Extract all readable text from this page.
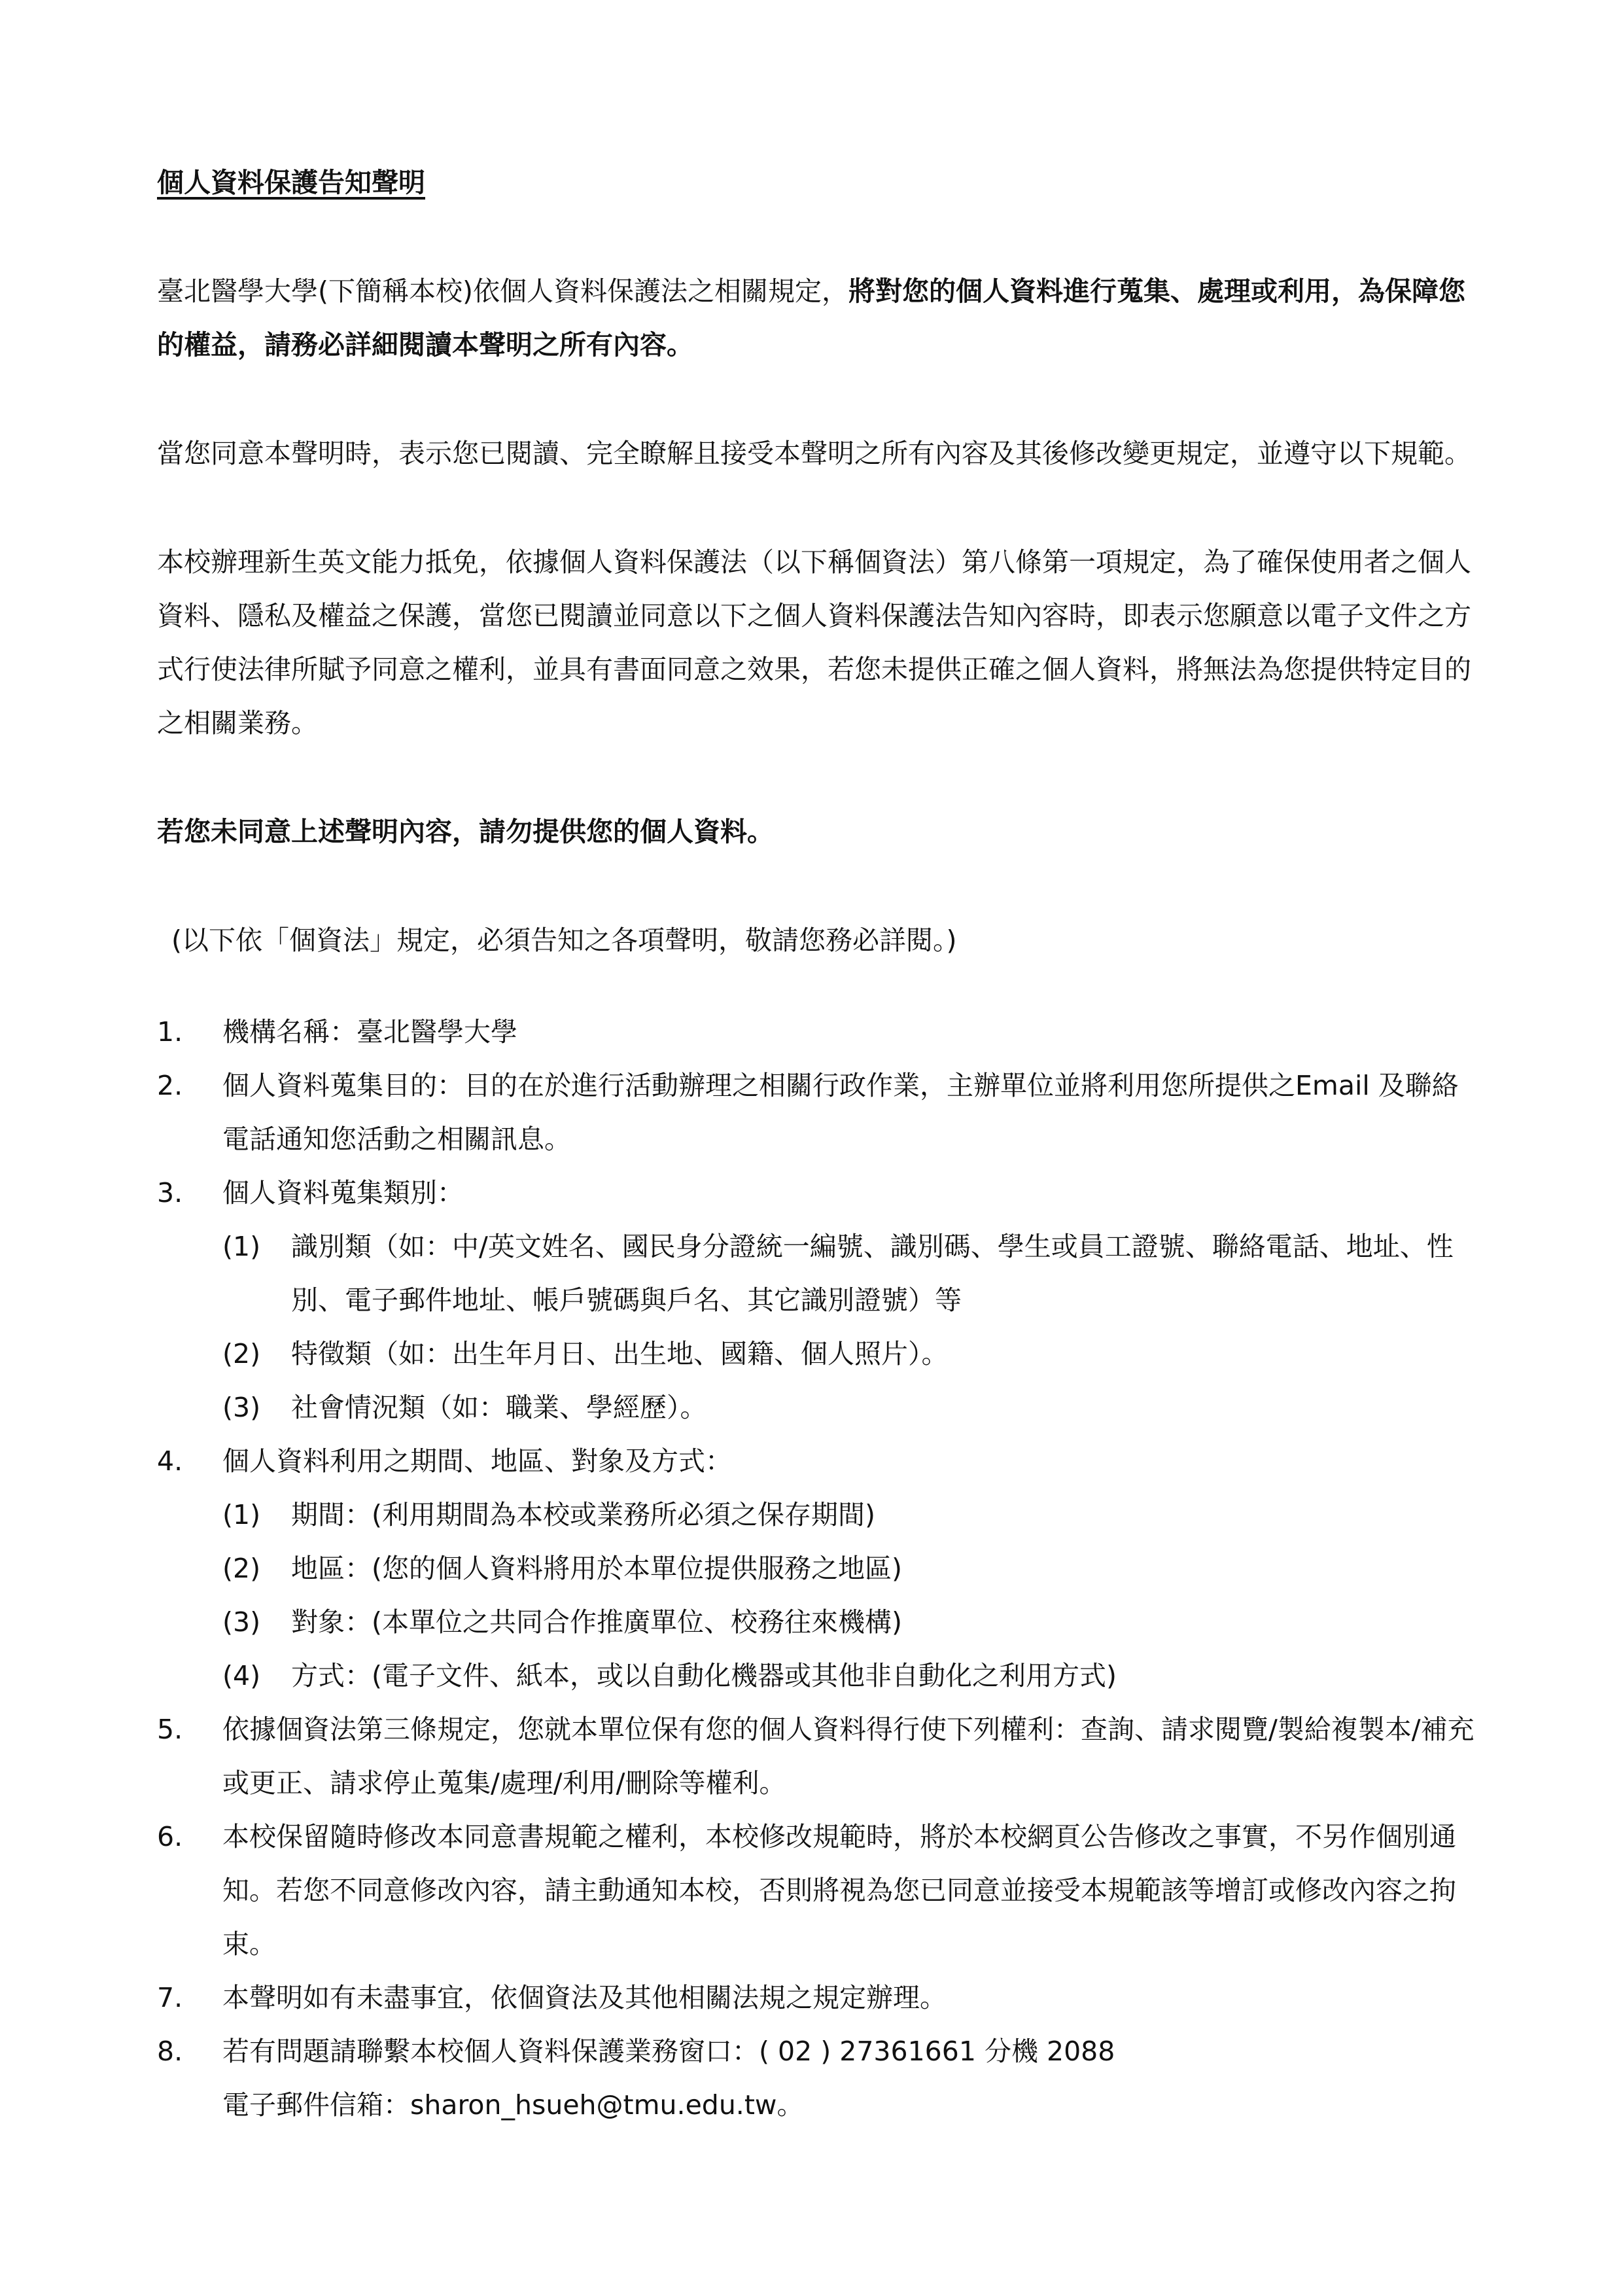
個人資料保護告知聲明

臺北醫學大學(下簡稱本校)依個人資料保護法之相關規定，將對您的個人資料進行蒐集、處理或利用，為保障您的權益，請務必詳細閱讀本聲明之所有內容。

當您同意本聲明時，表示您已閱讀、完全瞭解且接受本聲明之所有內容及其後修改變更規定，並遵守以下規範。

本校辦理新生英文能力抵免，依據個人資料保護法（以下稱個資法）第八條第一項規定，為了確保使用者之個人資料、隱私及權益之保護，當您已閱讀並同意以下之個人資料保護法告知內容時，即表示您願意以電子文件之方式行使法律所賦予同意之權利，並具有書面同意之效果，若您未提供正確之個人資料，將無法為您提供特定目的之相關業務。

若您未同意上述聲明內容，請勿提供您的個人資料。

(以下依「個資法」規定，必須告知之各項聲明，敬請您務必詳閱。)

1. 機構名稱：臺北醫學大學
2. 個人資料蒐集目的：目的在於進行活動辦理之相關行政作業，主辦單位並將利用您所提供之Email 及聯絡電話通知您活動之相關訊息。
3. 個人資料蒐集類別：
(1) 識別類（如：中/英文姓名、國民身分證統一編號、識別碼、學生或員工證號、聯絡電話、地址、性別、電子郵件地址、帳戶號碼與戶名、其它識別證號）等
(2) 特徵類（如：出生年月日、出生地、國籍、個人照片）。
(3) 社會情況類（如：職業、學經歷）。
4. 個人資料利用之期間、地區、對象及方式：
(1) 期間：(利用期間為本校或業務所必須之保存期間)
(2) 地區：(您的個人資料將用於本單位提供服務之地區)
(3) 對象：(本單位之共同合作推廣單位、校務往來機構)
(4) 方式：(電子文件、紙本，或以自動化機器或其他非自動化之利用方式)
5. 依據個資法第三條規定，您就本單位保有您的個人資料得行使下列權利：查詢、請求閱覽/製給複製本/補充或更正、請求停止蒐集/處理/利用/刪除等權利。
6. 本校保留隨時修改本同意書規範之權利，本校修改規範時，將於本校網頁公告修改之事實，不另作個別通知。若您不同意修改內容，請主動通知本校，否則將視為您已同意並接受本規範該等增訂或修改內容之拘束。
7. 本聲明如有未盡事宜，依個資法及其他相關法規之規定辦理。
8. 若有問題請聯繫本校個人資料保護業務窗口：( 02 ) 27361661 分機 2088
電子郵件信箱：sharon_hsueh@tmu.edu.tw。
